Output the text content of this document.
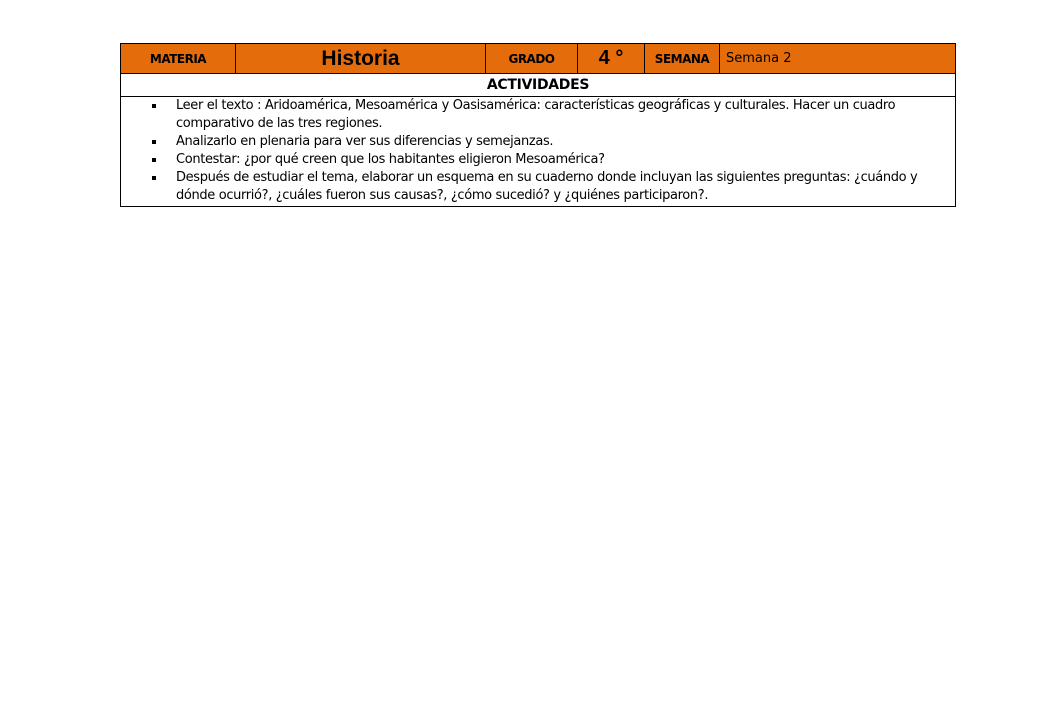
MATERIA	Historia	GRADO	4 °	SEMANA	Semana 2
ACTIVIDADES
Leer el texto : Aridoamérica, Mesoamérica y Oasisamérica: características geográficas y culturales. Hacer un cuadro comparativo de las tres regiones.
Analizarlo en plenaria para ver sus diferencias y semejanzas.
Contestar: ¿por qué creen que los habitantes eligieron Mesoamérica?
Después de estudiar el tema, elaborar un esquema en su cuaderno donde incluyan las siguientes preguntas: ¿cuándo y dónde ocurrió?, ¿cuáles fueron sus causas?, ¿cómo sucedió? y ¿quiénes participaron?.
